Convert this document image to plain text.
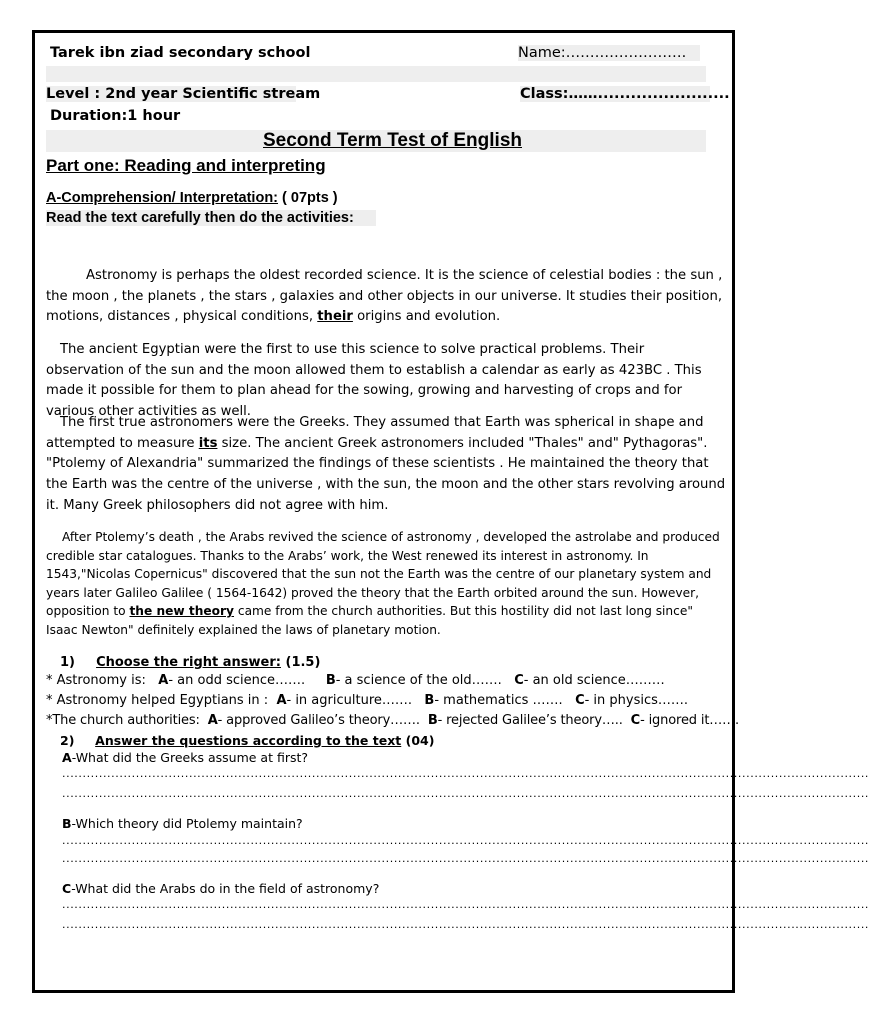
Tarek ibn ziad secondary school	Name:…………………….
Level : 2nd year Scientific stream	Class:……........................
Duration:1 hour
Second Term Test of English
Part one: Reading and interpreting
A-Comprehension/ Interpretation: ( 07pts )
Read the text carefully then do the activities:
Astronomy is perhaps the oldest recorded science. It is the science of celestial bodies : the sun , the moon , the planets , the stars , galaxies and other objects in our universe. It studies their position, motions, distances , physical conditions, their origins and evolution.
The ancient Egyptian were the first to use this science to solve practical problems. Their observation of the sun and the moon allowed them to establish a calendar as early as 423BC . This made it possible for them to plan ahead for the sowing, growing and harvesting of crops and for various other activities as well.
The first true astronomers were the Greeks. They assumed that Earth was spherical in shape and attempted to measure its size. The ancient Greek astronomers included "Thales" and" Pythagoras". "Ptolemy of Alexandria" summarized the findings of these scientists . He maintained the theory that the Earth was the centre of the universe , with the sun, the moon and the other stars revolving around it. Many Greek philosophers did not agree with him.
After Ptolemy’s death , the Arabs revived the science of astronomy , developed the astrolabe and produced credible star catalogues. Thanks to the Arabs’ work, the West renewed its interest in astronomy. In 1543,"Nicolas Copernicus" discovered that the sun not the Earth was the centre of our planetary system and years later Galileo Galilee ( 1564-1642) proved the theory that the Earth orbited around the sun. However, opposition to the new theory came from the church authorities. But this hostility did not last long since" Isaac Newton" definitely explained the laws of planetary motion.
1) Choose the right answer: (1.5)
* Astronomy is: A- an odd science……. B- a science of the old……. C- an old science………
* Astronomy helped Egyptians in : A- in agriculture……. B- mathematics ……. C- in physics…….
*The church authorities: A- approved Galileo’s theory……. B- rejected Galilee’s theory….. C- ignored it…….
2) Answer the questions according to the text (04)
A-What did the Greeks assume at first?
.....................................................................................................................................................................................................
.....................................................................................................................................................................................................
B-Which theory did Ptolemy maintain?
.....................................................................................................................................................................................................
.....................................................................................................................................................................................................
C-What did the Arabs do in the field of astronomy?
.....................................................................................................................................................................................................
.....................................................................................................................................................................................................
